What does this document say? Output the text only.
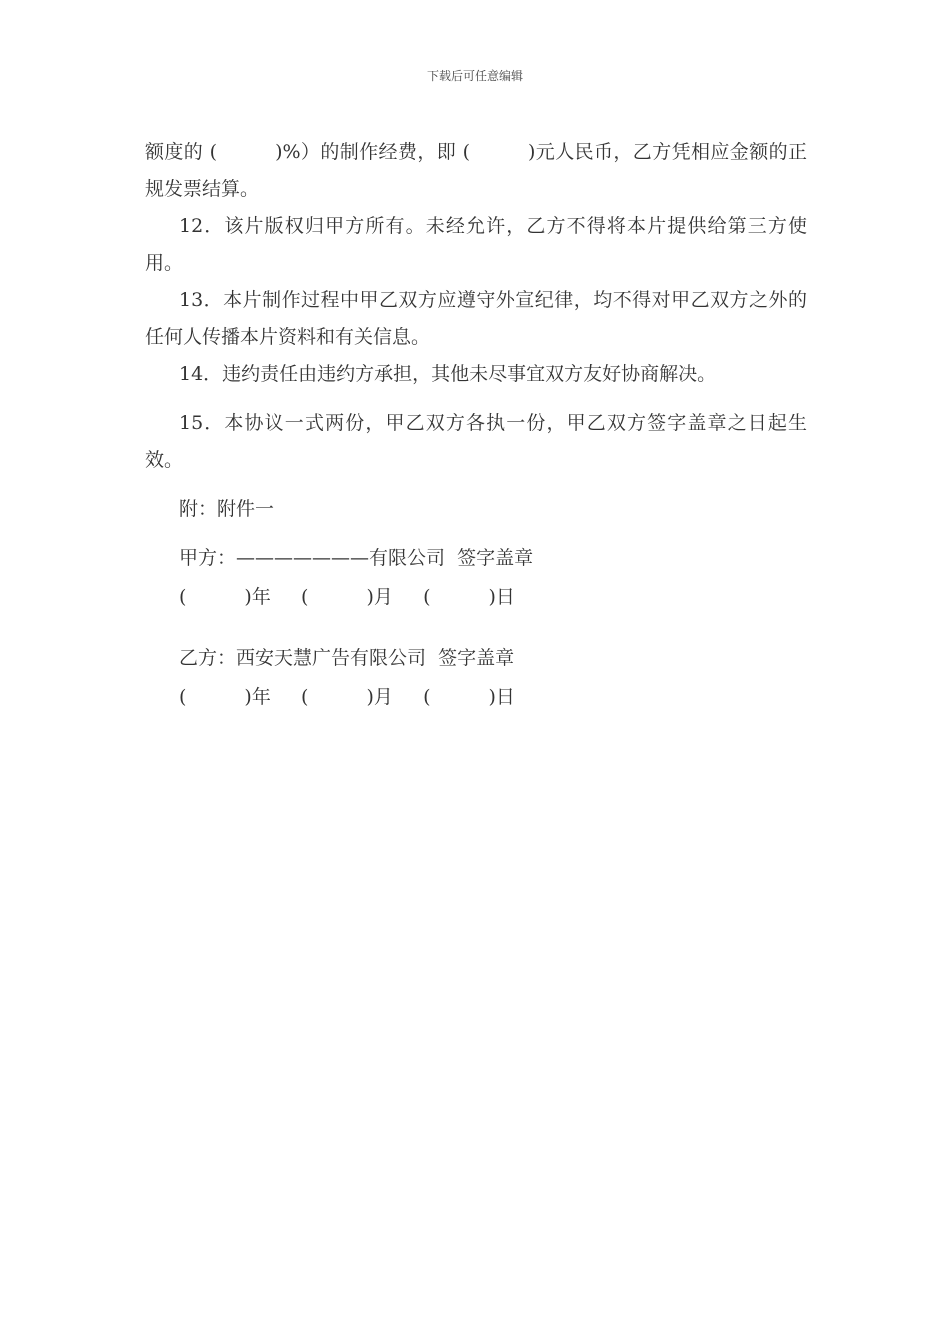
下载后可任意编辑

额度的 (	)%）的制作经费，即 (	)元人民币，乙方凭相应金额的正规发票结算。

12．该片版权归甲方所有。未经允许，乙方不得将本片提供给第三方使用。

13．本片制作过程中甲乙双方应遵守外宣纪律，均不得对甲乙双方之外的任何人传播本片资料和有关信息。

14．违约责任由违约方承担，其他未尽事宜双方友好协商解决。

15．本协议一式两份，甲乙双方各执一份，甲乙双方签字盖章之日起生效。

附：附件一

甲方：———————有限公司  签字盖章
(	)年 (	)月 (	)日
乙方：西安天慧广告有限公司  签字盖章
(	)年 (	)月 (	)日
